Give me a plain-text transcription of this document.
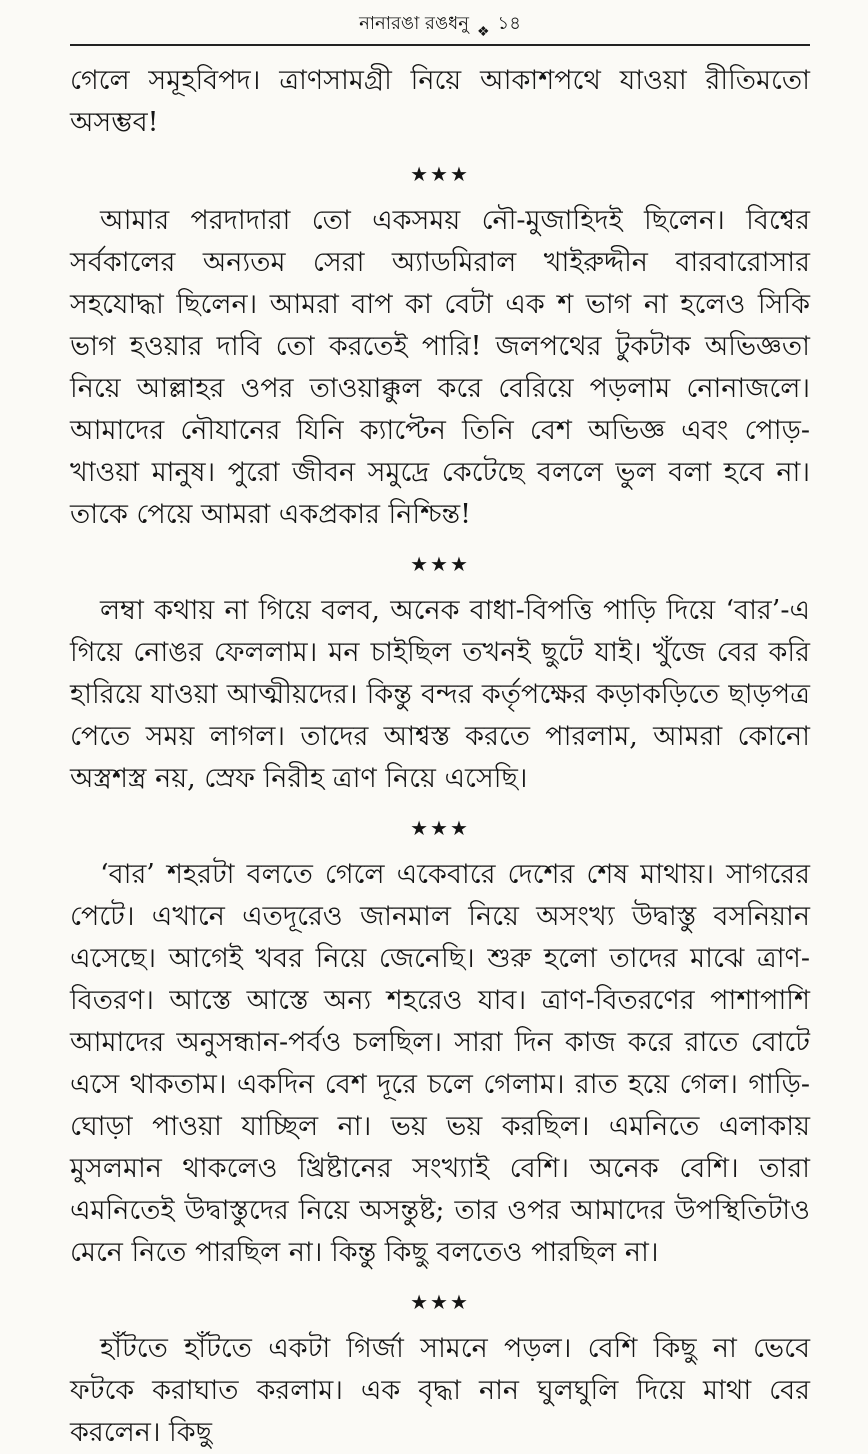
নানারঙা রঙধনু ❖ ১৪

গেলে সমূহবিপদ। ত্রাণসামগ্রী নিয়ে আকাশপথে যাওয়া রীতিমতো অসম্ভব!

★★★

আমার পরদাদারা তো একসময় নৌ-মুজাহিদই ছিলেন। বিশ্বের সর্বকালের অন্যতম সেরা অ্যাডমিরাল খাইরুদ্দীন বারবারোসার সহযোদ্ধা ছিলেন। আমরা বাপ কা বেটা এক শ ভাগ না হলেও সিকি ভাগ হওয়ার দাবি তো করতেই পারি! জলপথের টুকটাক অভিজ্ঞতা নিয়ে আল্লাহর ওপর তাওয়াক্কুল করে বেরিয়ে পড়লাম নোনাজলে। আমাদের নৌযানের যিনি ক্যাপ্টেন তিনি বেশ অভিজ্ঞ এবং পোড়-খাওয়া মানুষ। পুরো জীবন সমুদ্রে কেটেছে বললে ভুল বলা হবে না। তাকে পেয়ে আমরা একপ্রকার নিশ্চিন্ত!

★★★

লম্বা কথায় না গিয়ে বলব, অনেক বাধা-বিপত্তি পাড়ি দিয়ে ‘বার’-এ গিয়ে নোঙর ফেললাম। মন চাইছিল তখনই ছুটে যাই। খুঁজে বের করি হারিয়ে যাওয়া আত্মীয়দের। কিন্তু বন্দর কর্তৃপক্ষের কড়াকড়িতে ছাড়পত্র পেতে সময় লাগল। তাদের আশ্বস্ত করতে পারলাম, আমরা কোনো অস্ত্রশস্ত্র নয়, স্রেফ নিরীহ ত্রাণ নিয়ে এসেছি।

★★★

‘বার’ শহরটা বলতে গেলে একেবারে দেশের শেষ মাথায়। সাগরের পেটে। এখানে এতদূরেও জানমাল নিয়ে অসংখ্য উদ্বাস্তু বসনিয়ান এসেছে। আগেই খবর নিয়ে জেনেছি। শুরু হলো তাদের মাঝে ত্রাণ-বিতরণ। আস্তে আস্তে অন্য শহরেও যাব। ত্রাণ-বিতরণের পাশাপাশি আমাদের অনুসন্ধান-পর্বও চলছিল। সারা দিন কাজ করে রাতে বোটে এসে থাকতাম। একদিন বেশ দূরে চলে গেলাম। রাত হয়ে গেল। গাড়ি-ঘোড়া পাওয়া যাচ্ছিল না। ভয় ভয় করছিল। এমনিতে এলাকায় মুসলমান থাকলেও খ্রিষ্টানের সংখ্যাই বেশি। অনেক বেশি। তারা এমনিতেই উদ্বাস্তুদের নিয়ে অসন্তুষ্ট; তার ওপর আমাদের উপস্থিতিটাও মেনে নিতে পারছিল না। কিন্তু কিছু বলতেও পারছিল না।

★★★

হাঁটতে হাঁটতে একটা গির্জা সামনে পড়ল। বেশি কিছু না ভেবে ফটকে করাঘাত করলাম। এক বৃদ্ধা নান ঘুলঘুলি দিয়ে মাথা বের করলেন। কিছু
